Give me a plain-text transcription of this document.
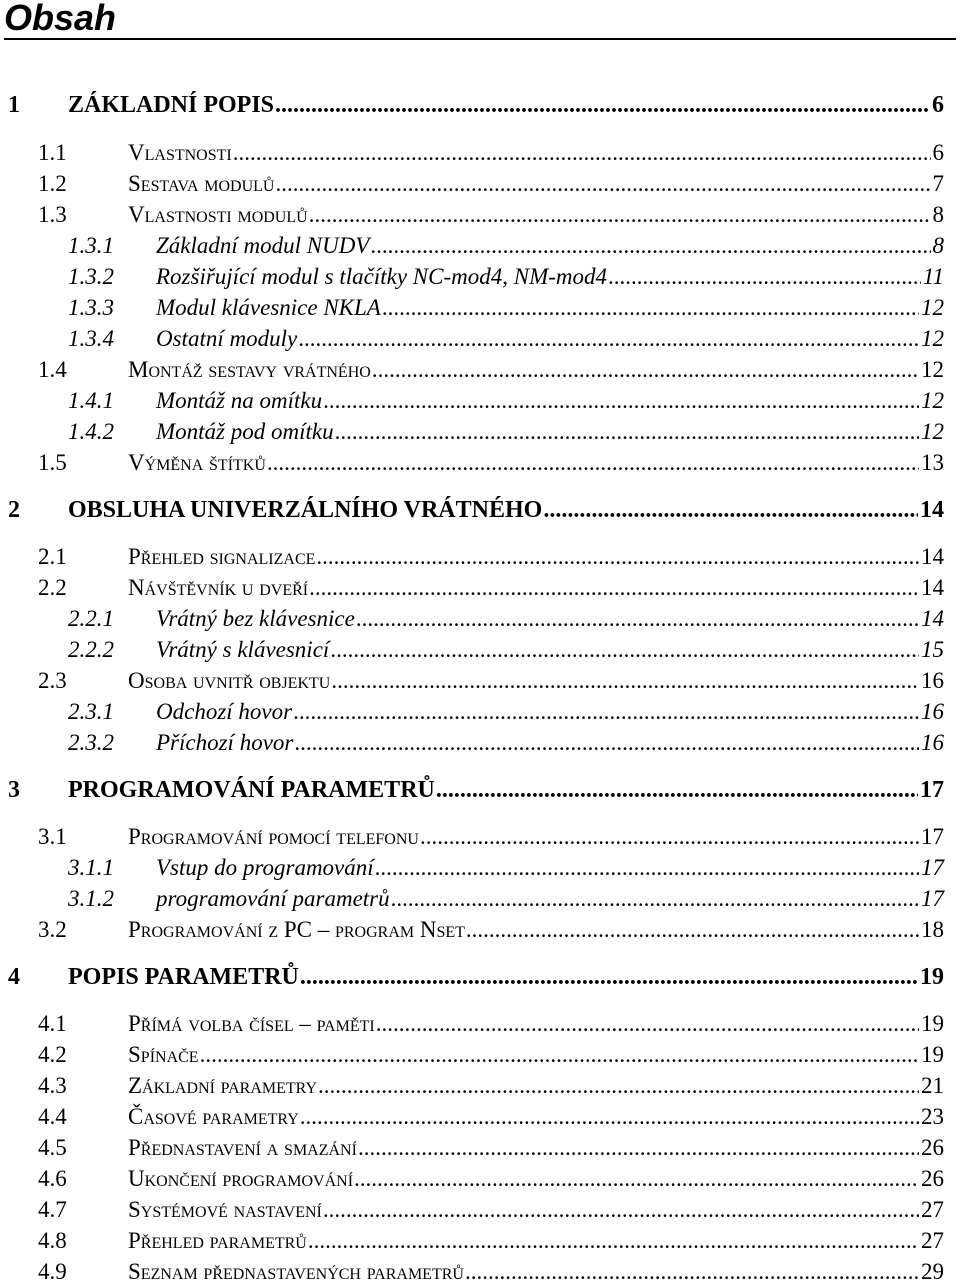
Obsah
1	ZÁKLADNÍ POPIS .....	6
1.1	Vlastnosti .....	6
1.2	Sestava modulů .....	7
1.3	Vlastnosti modulů .....	8
1.3.1	Základní modul NUDV .....	8
1.3.2	Rozšiřující modul s tlačítky NC-mod4, NM-mod4 .....	11
1.3.3	Modul klávesnice NKLA .....	12
1.3.4	Ostatní moduly .....	12
1.4	Montáž sestavy vrátného .....	12
1.4.1	Montáž na omítku .....	12
1.4.2	Montáž pod omítku .....	12
1.5	Výměna štítků .....	13
2	OBSLUHA UNIVERZÁLNÍHO VRÁTNÉHO .....	14
2.1	Přehled signalizace .....	14
2.2	Návštěvník u dveří .....	14
2.2.1	Vrátný bez klávesnice .....	14
2.2.2	Vrátný s klávesnicí .....	15
2.3	Osoba uvnitř objektu .....	16
2.3.1	Odchozí hovor .....	16
2.3.2	Příchozí hovor .....	16
3	PROGRAMOVÁNÍ PARAMETRŮ .....	17
3.1	Programování pomocí telefonu .....	17
3.1.1	Vstup do programování .....	17
3.1.2	programování parametrů .....	17
3.2	Programování z PC – program Nset .....	18
4	POPIS PARAMETRŮ .....	19
4.1	Přímá volba čísel – paměti .....	19
4.2	Spínače .....	19
4.3	Základní parametry .....	21
4.4	Časové parametry .....	23
4.5	Přednastavení a smazání .....	26
4.6	Ukončení programování .....	26
4.7	Systémové nastavení .....	27
4.8	Přehled parametrů .....	27
4.9	Seznam přednastavených parametrů .....	29
